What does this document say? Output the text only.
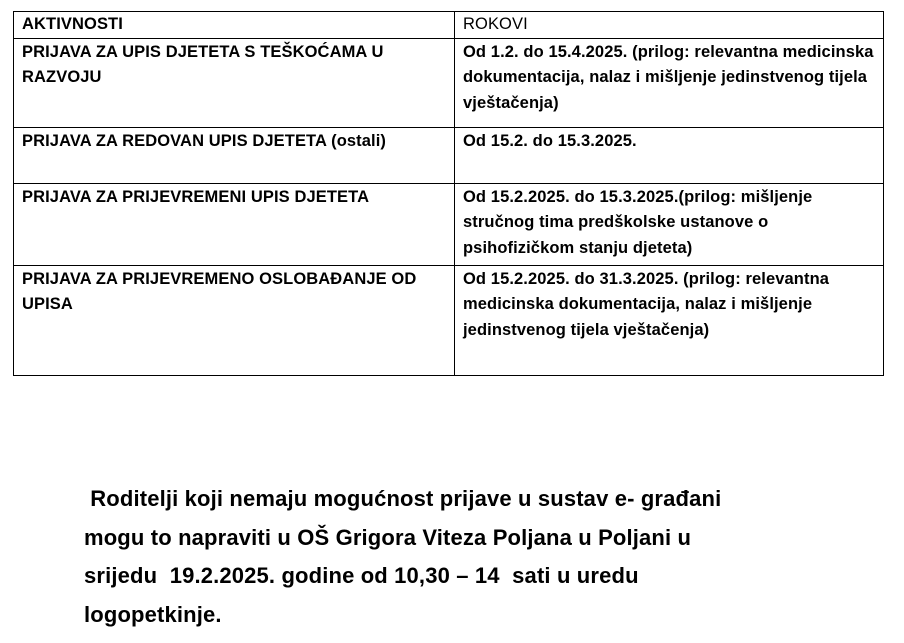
AKTIVNOSTI	ROKOVI
PRIJAVA ZA UPIS DJETETA S TEŠKOĆAMA U RAZVOJU	Od 1.2. do 15.4.2025. (prilog: relevantna medicinska dokumentacija, nalaz i mišljenje jedinstvenog tijela vještačenja)
PRIJAVA ZA REDOVAN UPIS DJETETA (ostali)	Od 15.2. do 15.3.2025.
PRIJAVA ZA PRIJEVREMENI UPIS DJETETA	Od 15.2.2025. do 15.3.2025.(prilog: mišljenje stručnog tima predškolske ustanove o psihofizičkom stanju djeteta)
PRIJAVA ZA PRIJEVREMENO OSLOBAĐANJE OD UPISA	Od 15.2.2025. do 31.3.2025. (prilog: relevantna medicinska dokumentacija, nalaz i mišljenje jedinstvenog tijela vještačenja)
Roditelji koji nemaju mogućnost prijave u sustav e- građani
mogu to napraviti u OŠ Grigora Viteza Poljana u Poljani u
srijedu  19.2.2025. godine od 10,30 – 14  sati u uredu
logopetkinje.
